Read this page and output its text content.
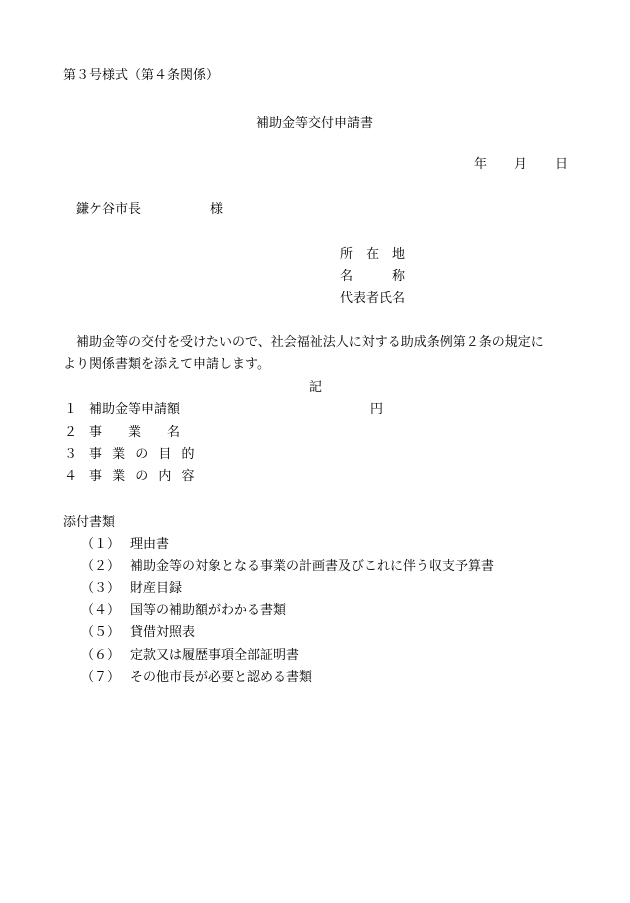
第３号様式（第４条関係）
補助金等交付申請書
年 月 日
鎌ケ谷市長	様
所　在　地
名　　　称
代表者氏名
補助金等の交付を受けたいので、社会福祉法人に対する助成条例第２条の規定に
より関係書類を添えて申請します。
記
１ 補助金等申請額	円
２ 事　　業　　名
３ 事 業 の 目 的
４ 事 業 の 内 容
添付書類
（１） 理由書
（２） 補助金等の対象となる事業の計画書及びこれに伴う収支予算書
（３） 財産目録
（４） 国等の補助額がわかる書類
（５） 貸借対照表
（６） 定款又は履歴事項全部証明書
（７） その他市長が必要と認める書類
